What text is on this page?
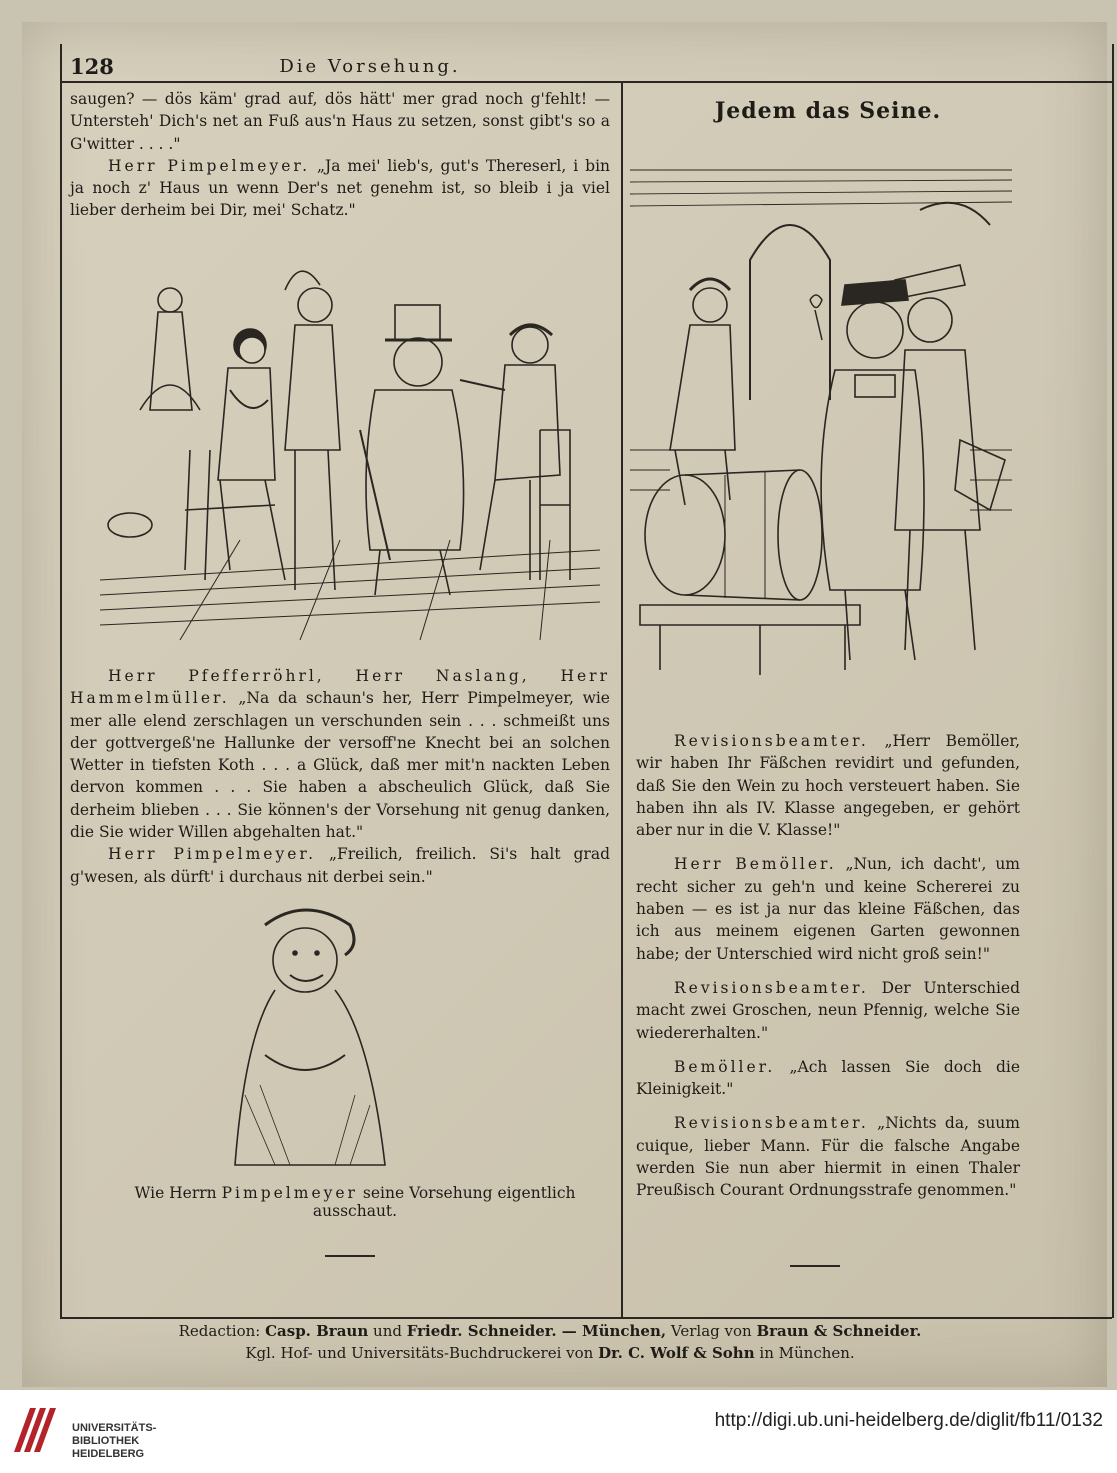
128	Die Vorsehung.

saugen? — dös käm' grad auf, dös hätt' mer grad noch g'fehlt! — Untersteh' Dich's net an Fuß aus'n Haus zu setzen, sonst gibt's so a G'witter . . . ."

Herr Pimpelmeyer. „Ja mei' lieb's, gut's Thereserl, i bin ja noch z' Haus un wenn Der's net genehm ist, so bleib i ja viel lieber derheim bei Dir, mei' Schatz."

Herr Pfefferröhrl, Herr Naslang, Herr Hammelmüller. „Na da schaun's her, Herr Pimpelmeyer, wie mer alle elend zerschlagen un verschunden sein . . . schmeißt uns der gottvergeß'ne Hallunke der versoff'ne Knecht bei an solchen Wetter in tiefsten Koth . . . a Glück, daß mer mit'n nackten Leben dervon kommen . . . Sie haben a abscheulich Glück, daß Sie derheim blieben . . . Sie können's der Vorsehung nit genug danken, die Sie wider Willen abgehalten hat."

Herr Pimpelmeyer. „Freilich, freilich. Si's halt grad g'wesen, als dürft' i durchaus nit derbei sein."

Wie Herrn Pimpelmeyer seine Vorsehung eigentlich ausschaut.
Jedem das Seine.

Revisionsbeamter. „Herr Bemöller, wir haben Ihr Fäßchen revidirt und gefunden, daß Sie den Wein zu hoch versteuert haben. Sie haben ihn als IV. Klasse angegeben, er gehört aber nur in die V. Klasse!"

Herr Bemöller. „Nun, ich dacht', um recht sicher zu geh'n und keine Schererei zu haben — es ist ja nur das kleine Fäßchen, das ich aus meinem eigenen Garten gewonnen habe; der Unterschied wird nicht groß sein!"

Revisionsbeamter. Der Unterschied macht zwei Groschen, neun Pfennig, welche Sie wiedererhalten."

Bemöller. „Ach lassen Sie doch die Kleinigkeit."

Revisionsbeamter. „Nichts da, suum cuique, lieber Mann. Für die falsche Angabe werden Sie nun aber hiermit in einen Thaler Preußisch Courant Ordnungsstrafe genommen."

Redaction: Casp. Braun und Friedr. Schneider. — München, Verlag von Braun & Schneider.
Kgl. Hof- und Universitäts-Buchdruckerei von Dr. C. Wolf & Sohn in München.
UNIVERSITÄTS-
BIBLIOTHEK
HEIDELBERG
http://digi.ub.uni-heidelberg.de/diglit/fb11/0132
